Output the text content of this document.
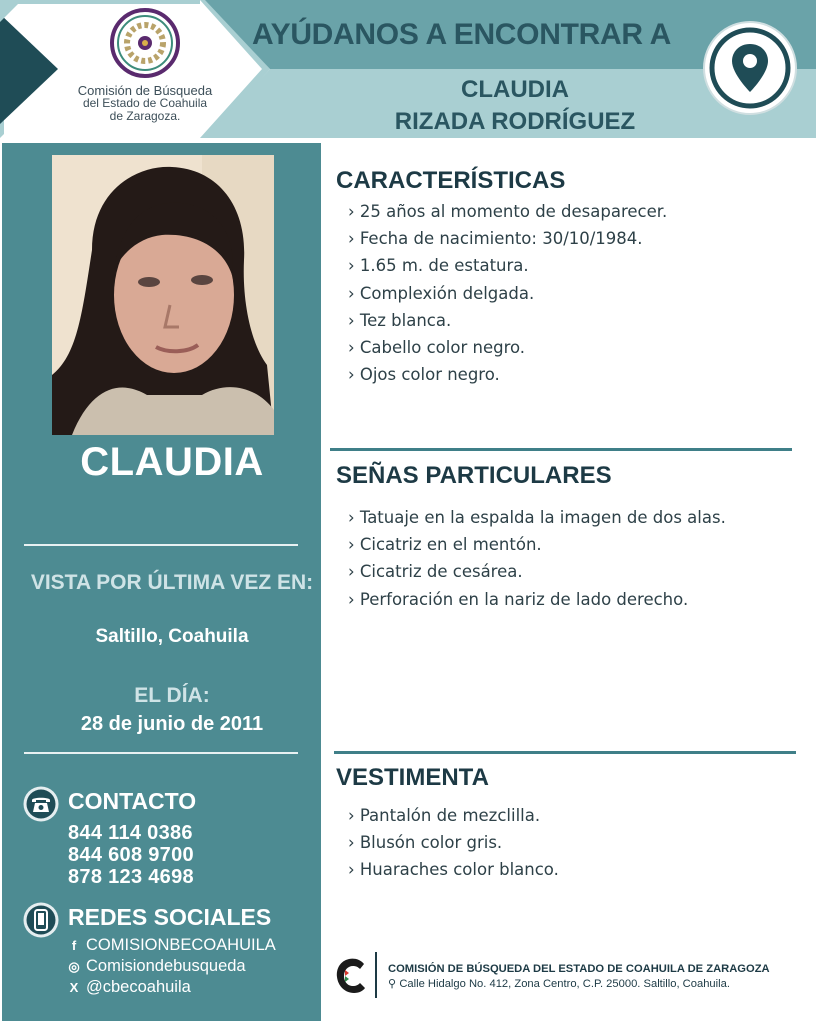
Comisión de Búsqueda
del Estado de Coahuila
de Zaragoza.
AYÚDANOS A ENCONTRAR A
CLAUDIA
RIZADA RODRÍGUEZ
CLAUDIA
VISTA POR ÚLTIMA VEZ EN:
Saltillo, Coahuila
EL DÍA:
28 de junio de 2011
CONTACTO
844 114 0386
844 608 9700
878 123 4698
REDES SOCIALES
f COMISIONBECOAHUILA
◎ Comisiondebusqueda
X @cbecoahuila
CARACTERÍSTICAS
› 25 años al momento de desaparecer.
› Fecha de nacimiento: 30/10/1984.
› 1.65 m. de estatura.
› Complexión delgada.
› Tez blanca.
› Cabello color negro.
› Ojos color negro.
SEÑAS PARTICULARES
› Tatuaje en la espalda la imagen de dos alas.
› Cicatriz en el mentón.
› Cicatriz de cesárea.
› Perforación en la nariz de lado derecho.
VESTIMENTA
› Pantalón de mezclilla.
› Blusón color gris.
› Huaraches color blanco.
COMISIÓN DE BÚSQUEDA DEL ESTADO DE COAHUILA DE ZARAGOZA
⚲ Calle Hidalgo No. 412, Zona Centro, C.P. 25000. Saltillo, Coahuila.
